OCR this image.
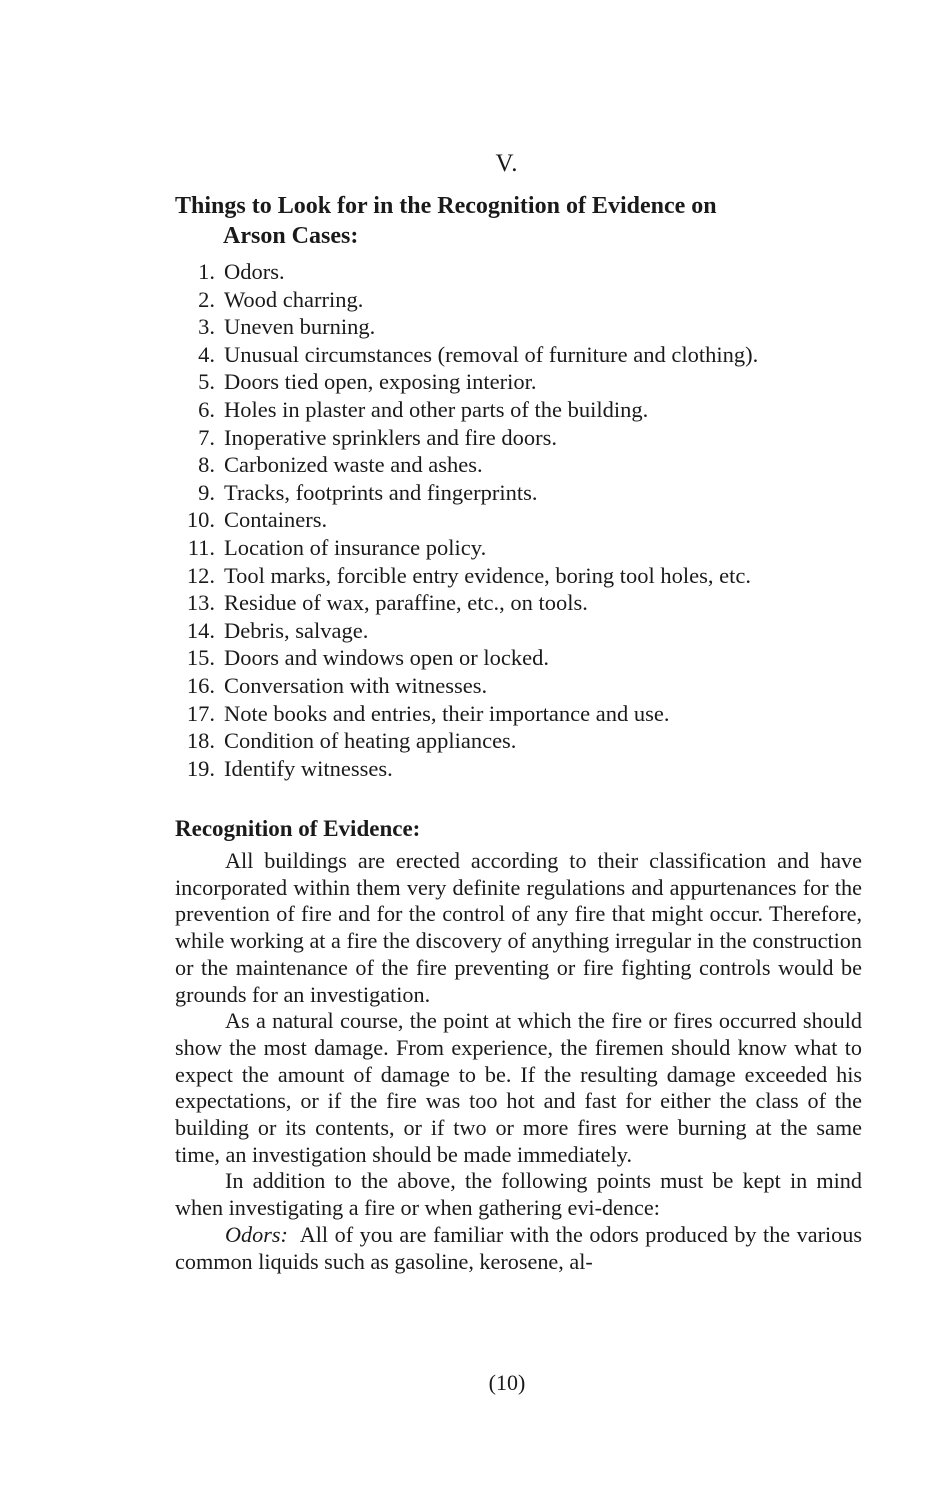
V.
Things to Look for in the Recognition of Evidence on
Arson Cases:
1. Odors.
2. Wood charring.
3. Uneven burning.
4. Unusual circumstances (removal of furniture and clothing).
5. Doors tied open, exposing interior.
6. Holes in plaster and other parts of the building.
7. Inoperative sprinklers and fire doors.
8. Carbonized waste and ashes.
9. Tracks, footprints and fingerprints.
10. Containers.
11. Location of insurance policy.
12. Tool marks, forcible entry evidence, boring tool holes, etc.
13. Residue of wax, paraffine, etc., on tools.
14. Debris, salvage.
15. Doors and windows open or locked.
16. Conversation with witnesses.
17. Note books and entries, their importance and use.
18. Condition of heating appliances.
19. Identify witnesses.
Recognition of Evidence:

All buildings are erected according to their classification and have incorporated within them very definite regulations and appurtenances for the prevention of fire and for the control of any fire that might occur. Therefore, while working at a fire the discovery of anything irregular in the construction or the maintenance of the fire preventing or fire fighting controls would be grounds for an investigation.

As a natural course, the point at which the fire or fires occurred should show the most damage. From experience, the firemen should know what to expect the amount of damage to be. If the resulting damage exceeded his expectations, or if the fire was too hot and fast for either the class of the building or its contents, or if two or more fires were burning at the same time, an investigation should be made immediately.

In addition to the above, the following points must be kept in mind when investigating a fire or when gathering evi-dence:

Odors: All of you are familiar with the odors produced by the various common liquids such as gasoline, kerosene, al-

(10)
